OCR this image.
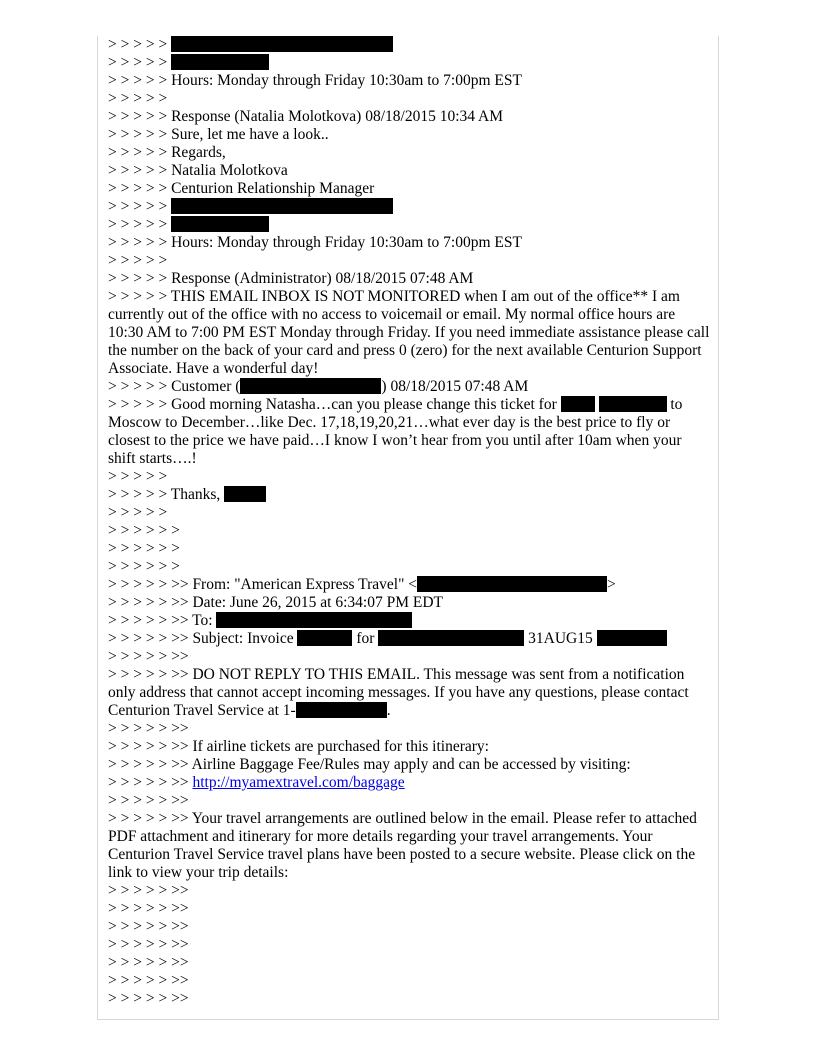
> > > > >
> > > > >
> > > > > Hours: Monday through Friday 10:30am to 7:00pm EST
> > > > >
> > > > > Response (Natalia Molotkova) 08/18/2015 10:34 AM
> > > > > Sure, let me have a look..
> > > > > Regards,
> > > > > Natalia Molotkova
> > > > > Centurion Relationship Manager
> > > > >
> > > > >
> > > > > Hours: Monday through Friday 10:30am to 7:00pm EST
> > > > >
> > > > > Response (Administrator) 08/18/2015 07:48 AM
> > > > > THIS EMAIL INBOX IS NOT MONITORED when I am out of the office** I am currently out of the office with no access to voicemail or email. My normal office hours are 10:30 AM to 7:00 PM EST Monday through Friday. If you need immediate assistance please call the number on the back of your card and press 0 (zero) for the next available Centurion Support Associate. Have a wonderful day!
> > > > > Customer (	) 08/18/2015 07:48 AM
> > > > > Good morning Natasha…can you please change this ticket for	to Moscow to December…like Dec. 17,18,19,20,21…what ever day is the best price to fly or closest to the price we have paid…I know I won’t hear from you until after 10am when your shift starts….!
> > > > >
> > > > > Thanks,
> > > > >
> > > > > >
> > > > > >
> > > > > >
> > > > > >> From: "American Express Travel" <	>
> > > > > >> Date: June 26, 2015 at 6:34:07 PM EDT
> > > > > >> To:
> > > > > >> Subject: Invoice	for	31AUG15
> > > > > >>
> > > > > >> DO NOT REPLY TO THIS EMAIL. This message was sent from a notification only address that cannot accept incoming messages. If you have any questions, please contact Centurion Travel Service at 1-	.
> > > > > >>
> > > > > >> If airline tickets are purchased for this itinerary:
> > > > > >> Airline Baggage Fee/Rules may apply and can be accessed by visiting:
> > > > > >> http://myamextravel.com/baggage
> > > > > >>
> > > > > >> Your travel arrangements are outlined below in the email. Please refer to attached PDF attachment and itinerary for more details regarding your travel arrangements. Your Centurion Travel Service travel plans have been posted to a secure website. Please click on the link to view your trip details:
> > > > > >>
> > > > > >>
> > > > > >>
> > > > > >>
> > > > > >>
> > > > > >>
> > > > > >>
